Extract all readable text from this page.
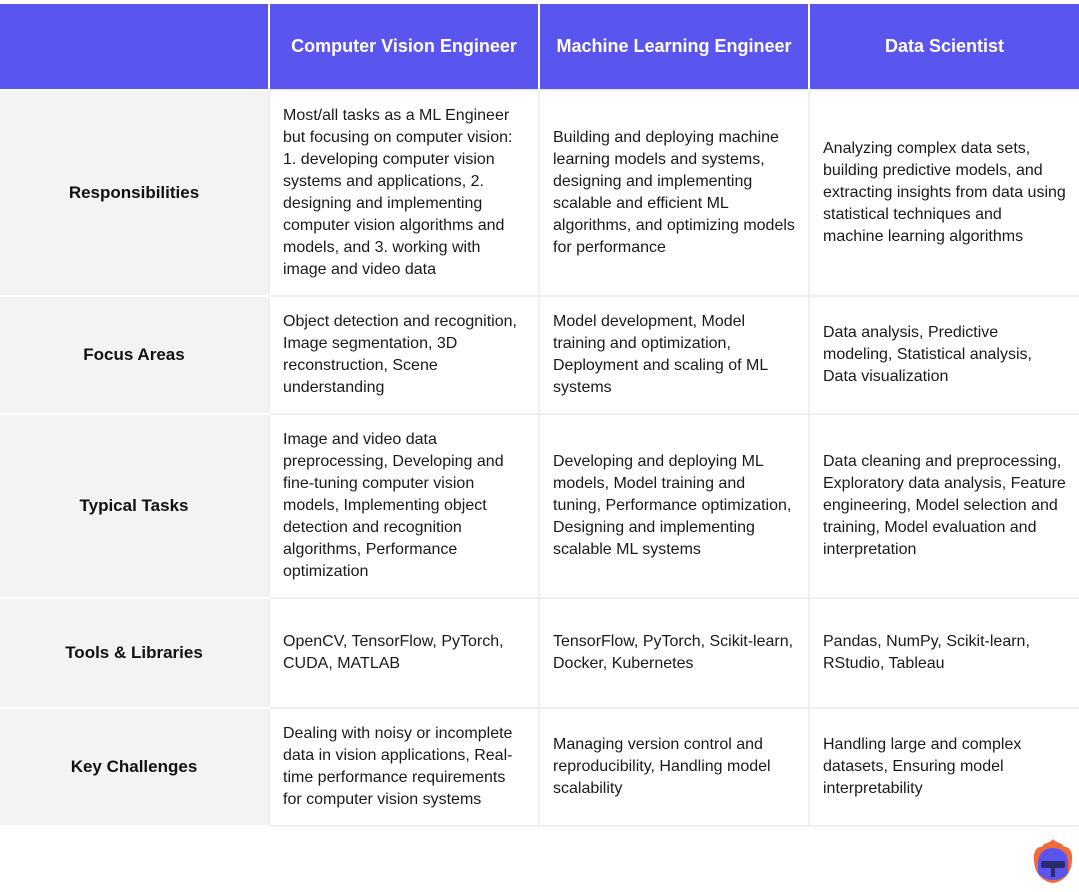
	Computer Vision Engineer	Machine Learning Engineer	Data Scientist
Responsibilities	Most/all tasks as a ML Engineer but focusing on computer vision: 1. developing computer vision systems and applications, 2. designing and implementing computer vision algorithms and models, and 3. working with image and video data	Building and deploying machine learning models and systems, designing and implementing scalable and efficient ML algorithms, and optimizing models for performance	Analyzing complex data sets, building predictive models, and extracting insights from data using statistical techniques and machine learning algorithms
Focus Areas	Object detection and recognition, Image segmentation, 3D reconstruction, Scene understanding	Model development, Model training and optimization, Deployment and scaling of ML systems	Data analysis, Predictive modeling, Statistical analysis, Data visualization
Typical Tasks	Image and video data preprocessing, Developing and fine-tuning computer vision models, Implementing object detection and recognition algorithms, Performance optimization	Developing and deploying ML models, Model training and tuning, Performance optimization, Designing and implementing scalable ML systems	Data cleaning and preprocessing, Exploratory data analysis, Feature engineering, Model selection and training, Model evaluation and interpretation
Tools & Libraries	OpenCV, TensorFlow, PyTorch, CUDA, MATLAB	TensorFlow, PyTorch, Scikit-learn, Docker, Kubernetes	Pandas, NumPy, Scikit-learn, RStudio, Tableau
Key Challenges	Dealing with noisy or incomplete data in vision applications, Real-time performance requirements for computer vision systems	Managing version control and reproducibility, Handling model scalability	Handling large and complex datasets, Ensuring model interpretability
